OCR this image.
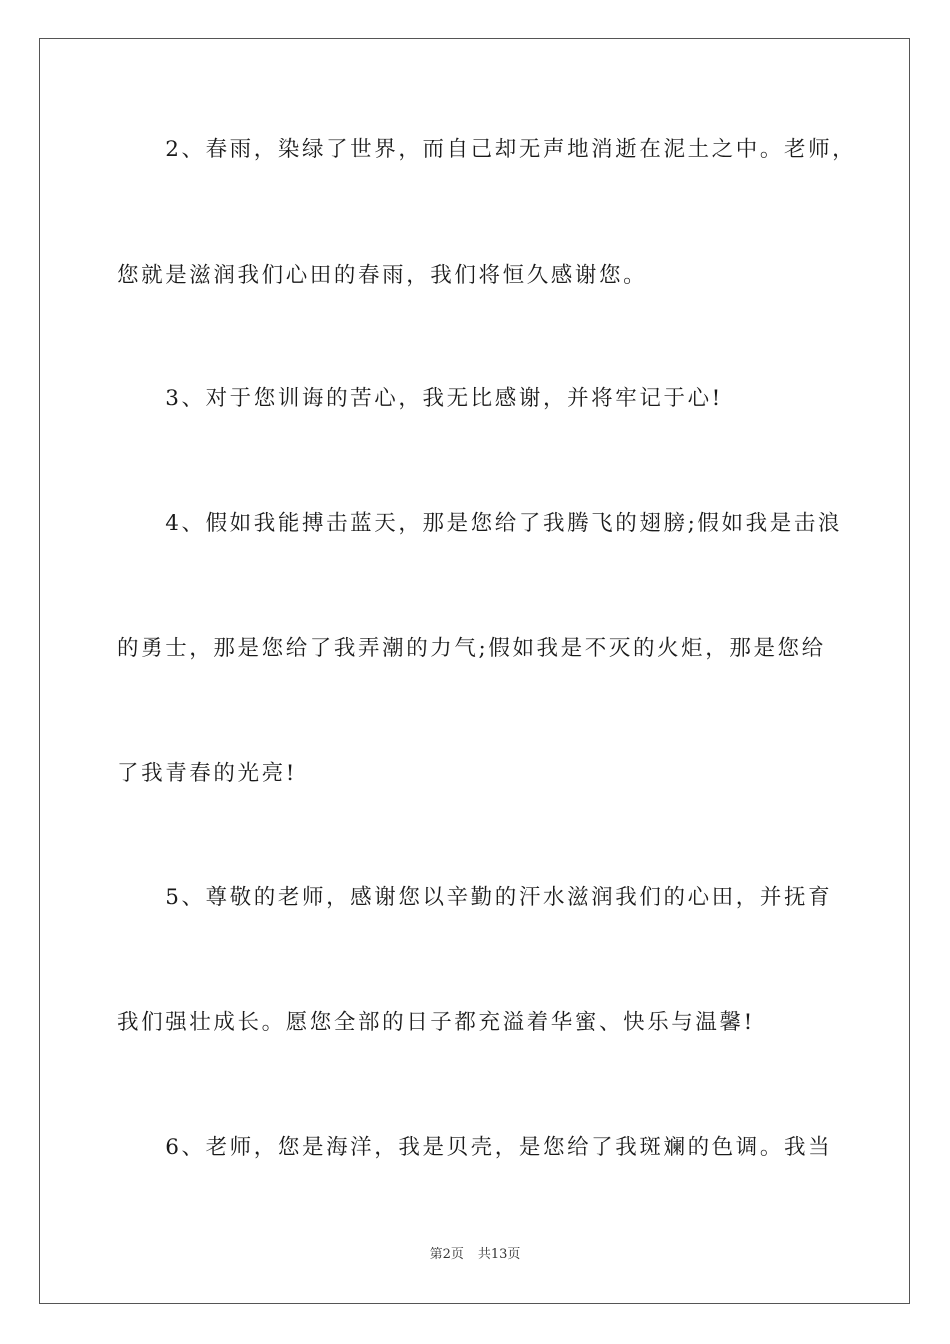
　　2、春雨，染绿了世界，而自己却无声地消逝在泥土之中。老师，
您就是滋润我们心田的春雨，我们将恒久感谢您。
　　3、对于您训诲的苦心，我无比感谢，并将牢记于心!
　　4、假如我能搏击蓝天，那是您给了我腾飞的翅膀;假如我是击浪
的勇士，那是您给了我弄潮的力气;假如我是不灭的火炬，那是您给
了我青春的光亮!
　　5、尊敬的老师，感谢您以辛勤的汗水滋润我们的心田，并抚育
我们强壮成长。愿您全部的日子都充溢着华蜜、快乐与温馨!
　　6、老师，您是海洋，我是贝壳，是您给了我斑斓的色调。我当
第2页 共13页
